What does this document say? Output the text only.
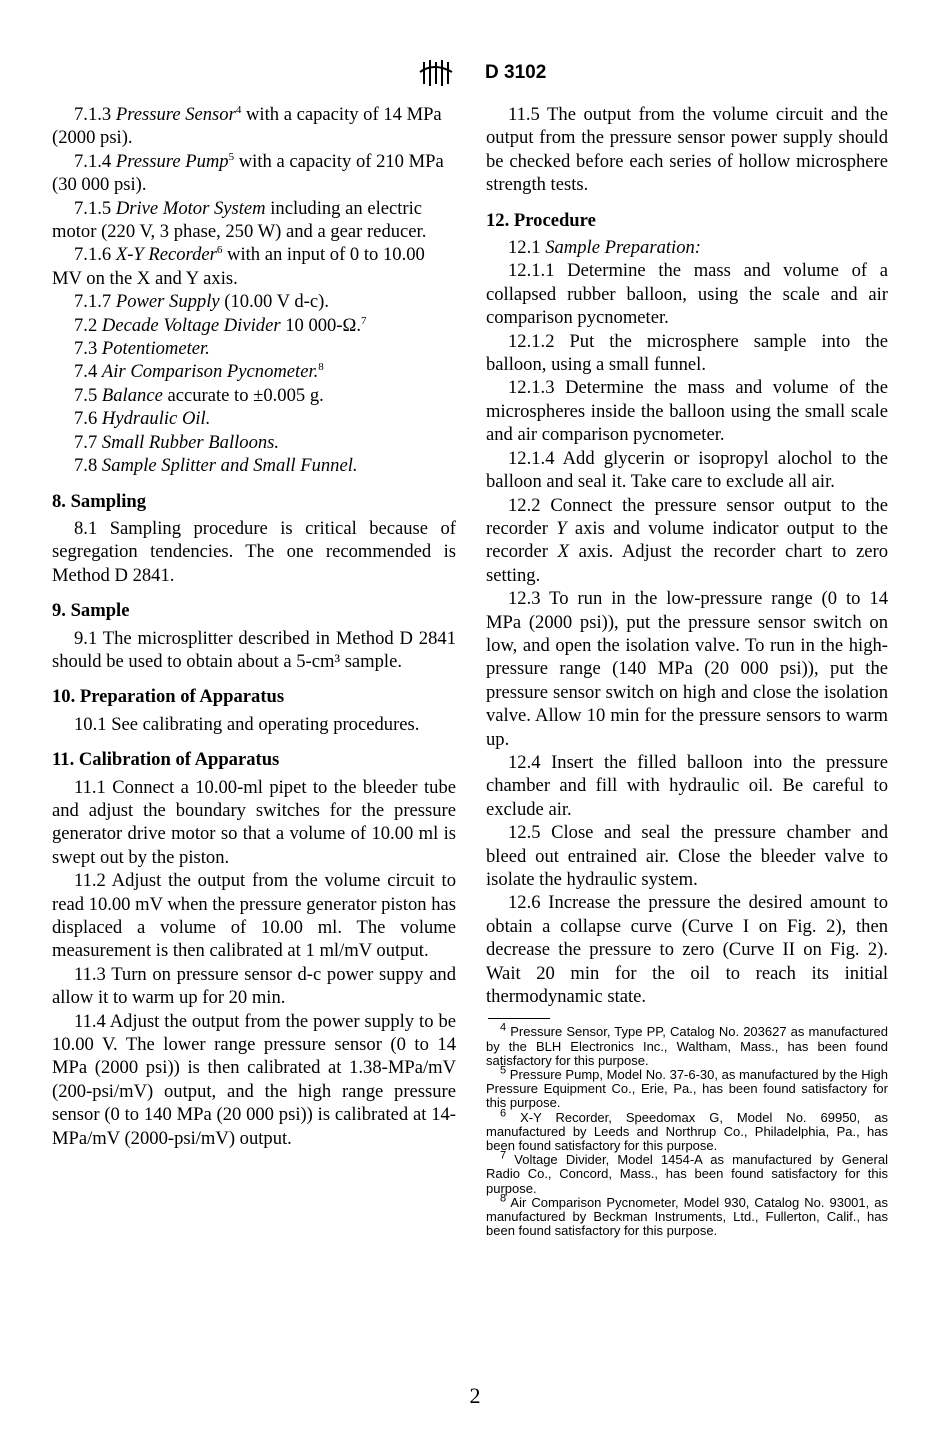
D 3102

7.1.3 Pressure Sensor$^4$ with a capacity of 14 MPa (2000 psi).

7.1.4 Pressure Pump$^5$ with a capacity of 210 MPa (30 000 psi).

7.1.5 Drive Motor System including an electric motor (220 V, 3 phase, 250 W) and a gear reducer.

7.1.6 X-Y Recorder$^6$ with an input of 0 to 10.00 MV on the X and Y axis.

7.1.7 Power Supply (10.00 V d-c).

7.2 Decade Voltage Divider 10 000-Ω.$^7$

7.3 Potentiometer.

7.4 Air Comparison Pycnometer.$^8$

7.5 Balance accurate to ±0.005 g.

7.6 Hydraulic Oil.

7.7 Small Rubber Balloons.

7.8 Sample Splitter and Small Funnel.

8. Sampling

8.1 Sampling procedure is critical because of segregation tendencies. The one recommended is Method D 2841.

9. Sample

9.1 The microsplitter described in Method D 2841 should be used to obtain about a 5-cm³ sample.

10. Preparation of Apparatus

10.1 See calibrating and operating procedures.

11. Calibration of Apparatus

11.1 Connect a 10.00-ml pipet to the bleeder tube and adjust the boundary switches for the pressure generator drive motor so that a volume of 10.00 ml is swept out by the piston.

11.2 Adjust the output from the volume circuit to read 10.00 mV when the pressure generator piston has displaced a volume of 10.00 ml. The volume measurement is then calibrated at 1 ml/mV output.

11.3 Turn on pressure sensor d-c power suppy and allow it to warm up for 20 min.

11.4 Adjust the output from the power supply to be 10.00 V. The lower range pressure sensor (0 to 14 MPa (2000 psi)) is then calibrated at 1.38-MPa/mV (200-psi/mV) output, and the high range pressure sensor (0 to 140 MPa (20 000 psi)) is calibrated at 14-MPa/mV (2000-psi/mV) output.

11.5 The output from the volume circuit and the output from the pressure sensor power supply should be checked before each series of hollow microsphere strength tests.

12. Procedure

12.1 Sample Preparation:

12.1.1 Determine the mass and volume of a collapsed rubber balloon, using the scale and air comparison pycnometer.

12.1.2 Put the microsphere sample into the balloon, using a small funnel.

12.1.3 Determine the mass and volume of the microspheres inside the balloon using the small scale and air comparison pycnometer.

12.1.4 Add glycerin or isopropyl alochol to the balloon and seal it. Take care to exclude all air.

12.2 Connect the pressure sensor output to the recorder Y axis and volume indicator output to the recorder X axis. Adjust the recorder chart to zero setting.

12.3 To run in the low-pressure range (0 to 14 MPa (2000 psi)), put the pressure sensor switch on low, and open the isolation valve. To run in the high-pressure range (140 MPa (20 000 psi)), put the pressure sensor switch on high and close the isolation valve. Allow 10 min for the pressure sensors to warm up.

12.4 Insert the filled balloon into the pressure chamber and fill with hydraulic oil. Be careful to exclude air.

12.5 Close and seal the pressure chamber and bleed out entrained air. Close the bleeder valve to isolate the hydraulic system.

12.6 Increase the pressure the desired amount to obtain a collapse curve (Curve I on Fig. 2), then decrease the pressure to zero (Curve II on Fig. 2). Wait 20 min for the oil to reach its initial thermodynamic state.

$^4$ Pressure Sensor, Type PP, Catalog No. 203627 as manufactured by the BLH Electronics Inc., Waltham, Mass., has been found satisfactory for this purpose.

$^5$ Pressure Pump, Model No. 37-6-30, as manufactured by the High Pressure Equipment Co., Erie, Pa., has been found satisfactory for this purpose.

$^6$ X-Y Recorder, Speedomax G, Model No. 69950, as manufactured by Leeds and Northrup Co., Philadelphia, Pa., has been found satisfactory for this purpose.

$^7$ Voltage Divider, Model 1454-A as manufactured by General Radio Co., Concord, Mass., has been found satisfactory for this purpose.

$^8$ Air Comparison Pycnometer, Model 930, Catalog No. 93001, as manufactured by Beckman Instruments, Ltd., Fullerton, Calif., has been found satisfactory for this purpose.

2
